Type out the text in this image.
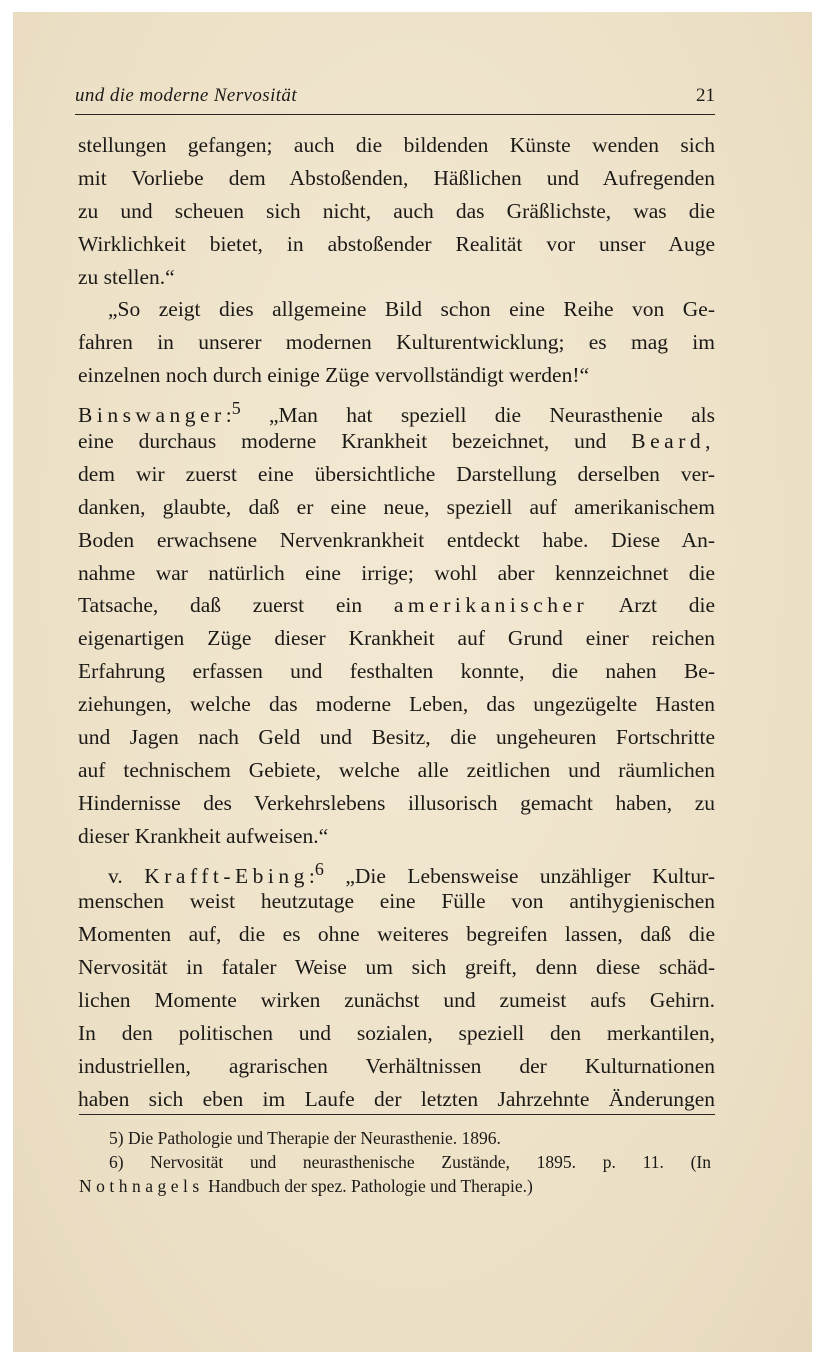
und die moderne Nervosität	21
stellungen gefangen; auch die bildenden Künste wenden sich
mit Vorliebe dem Abstoßenden, Häßlichen und Aufregenden
zu und scheuen sich nicht, auch das Gräßlichste, was die
Wirklichkeit bietet, in abstoßender Realität vor unser Auge
zu stellen.“
„So zeigt dies allgemeine Bild schon eine Reihe von Ge-
fahren in unserer modernen Kulturentwicklung; es mag im
einzelnen noch durch einige Züge vervollständigt werden!“
Binswanger:$^5$ „Man hat speziell die Neurasthenie als
eine durchaus moderne Krankheit bezeichnet, und Beard,
dem wir zuerst eine übersichtliche Darstellung derselben ver-
danken, glaubte, daß er eine neue, speziell auf amerikanischem
Boden erwachsene Nervenkrankheit entdeckt habe. Diese An-
nahme war natürlich eine irrige; wohl aber kennzeichnet die
Tatsache, daß zuerst ein amerikanischer Arzt die
eigenartigen Züge dieser Krankheit auf Grund einer reichen
Erfahrung erfassen und festhalten konnte, die nahen Be-
ziehungen, welche das moderne Leben, das ungezügelte Hasten
und Jagen nach Geld und Besitz, die ungeheuren Fortschritte
auf technischem Gebiete, welche alle zeitlichen und räumlichen
Hindernisse des Verkehrslebens illusorisch gemacht haben, zu
dieser Krankheit aufweisen.“
v. Krafft-Ebing:$^6$ „Die Lebensweise unzähliger Kultur-
menschen weist heutzutage eine Fülle von antihygienischen
Momenten auf, die es ohne weiteres begreifen lassen, daß die
Nervosität in fataler Weise um sich greift, denn diese schäd-
lichen Momente wirken zunächst und zumeist aufs Gehirn.
In den politischen und sozialen, speziell den merkantilen,
industriellen, agrarischen Verhältnissen der Kulturnationen
haben sich eben im Laufe der letzten Jahrzehnte Änderungen
5) Die Pathologie und Therapie der Neurasthenie. 1896.
6) Nervosität und neurasthenische Zustände, 1895. p. 11. (In
Nothnagels Handbuch der spez. Pathologie und Therapie.)
